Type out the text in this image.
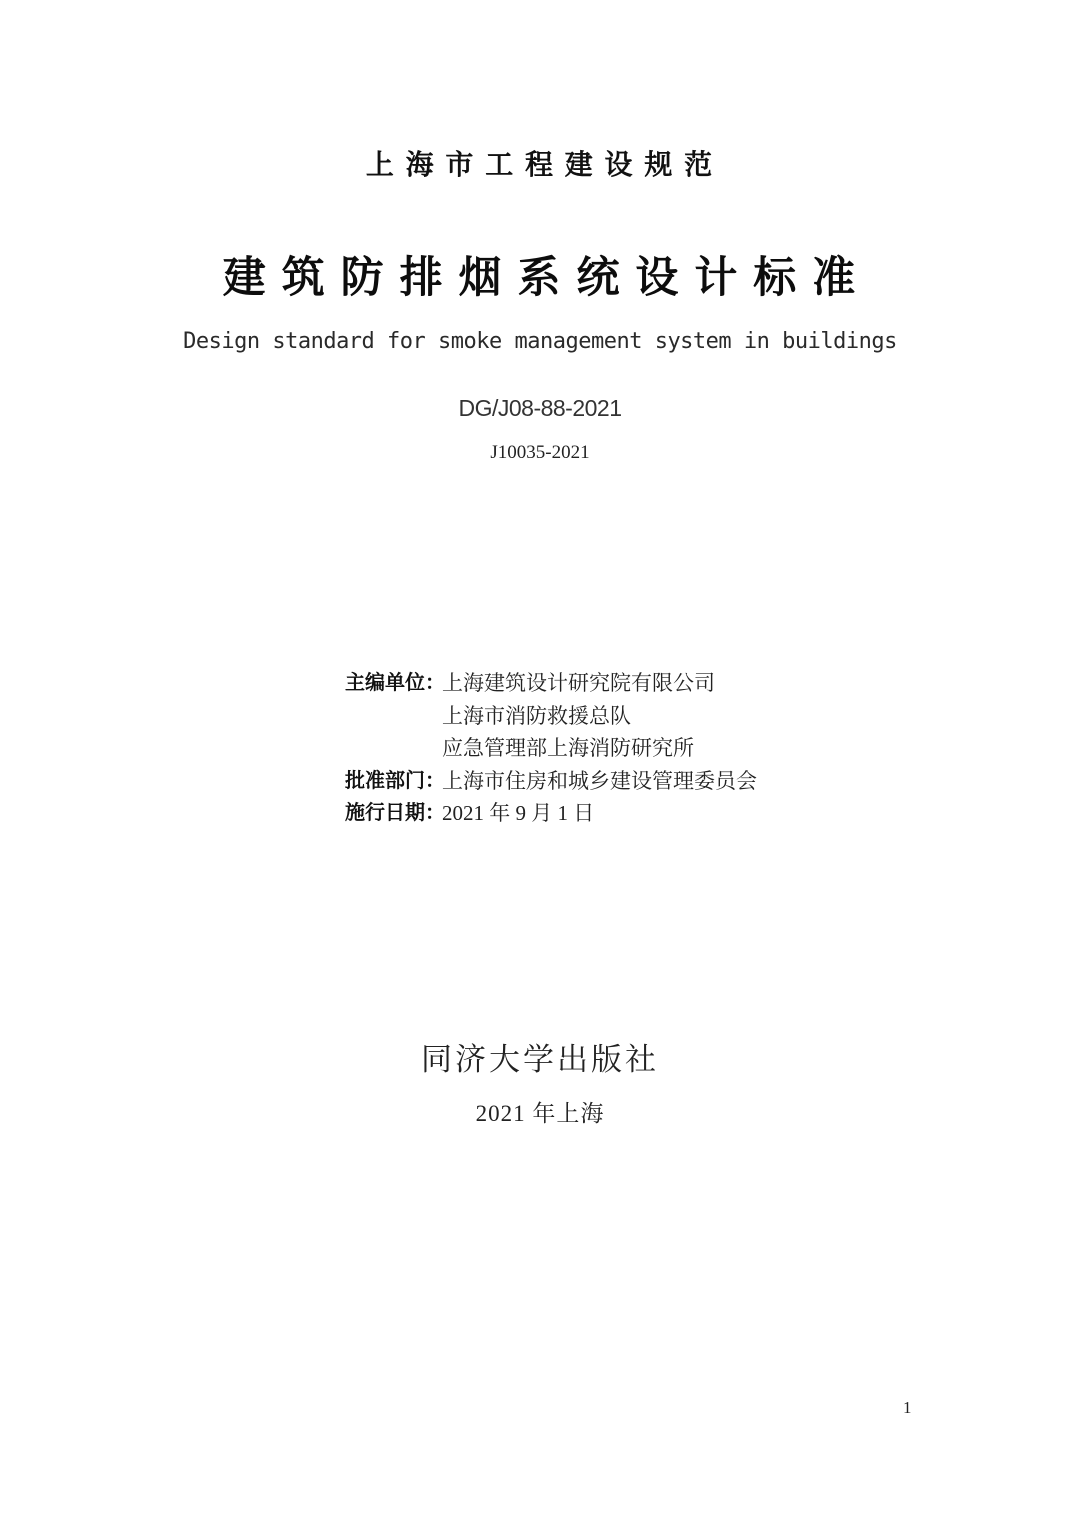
上 海 市 工 程 建 设 规 范
建 筑 防 排 烟 系 统 设 计 标 准
Design standard for smoke management system in buildings
DG/J08-88-2021
J10035-2021
主编单位：
上海建筑设计研究院有限公司
上海市消防救援总队
应急管理部上海消防研究所
批准部门：
上海市住房和城乡建设管理委员会
施行日期：
2021 年 9 月 1 日
同济大学出版社
2021 年上海
1
